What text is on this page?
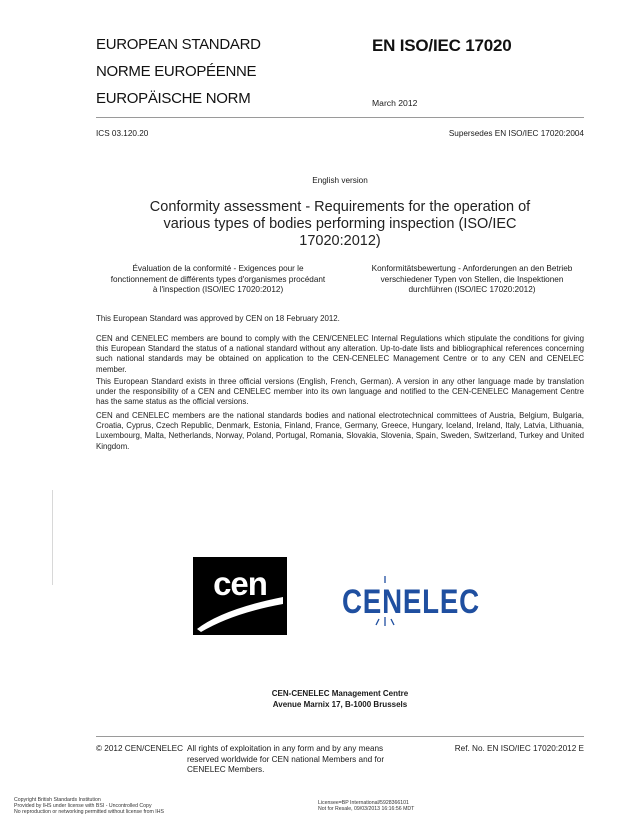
EUROPEAN STANDARD
NORME EUROPÉENNE
EUROPÄISCHE NORM
EN ISO/IEC 17020
March 2012
ICS 03.120.20	Supersedes EN ISO/IEC 17020:2004
English version
Conformity assessment - Requirements for the operation of
various types of bodies performing inspection (ISO/IEC
17020:2012)
Évaluation de la conformité - Exigences pour le
fonctionnement de différents types d'organismes procédant
à l'inspection (ISO/IEC 17020:2012)
Konformitätsbewertung - Anforderungen an den Betrieb
verschiedener Typen von Stellen, die Inspektionen
durchführen (ISO/IEC 17020:2012)
This European Standard was approved by CEN on 18 February 2012.
CEN and CENELEC members are bound to comply with the CEN/CENELEC Internal Regulations which stipulate the conditions for giving this European Standard the status of a national standard without any alteration. Up-to-date lists and bibliographical references concerning such national standards may be obtained on application to the CEN-CENELEC Management Centre or to any CEN and CENELEC member.
This European Standard exists in three official versions (English, French, German). A version in any other language made by translation under the responsibility of a CEN and CENELEC member into its own language and notified to the CEN-CENELEC Management Centre has the same status as the official versions.
CEN and CENELEC members are the national standards bodies and national electrotechnical committees of Austria, Belgium, Bulgaria, Croatia, Cyprus, Czech Republic, Denmark, Estonia, Finland, France, Germany, Greece, Hungary, Iceland, Ireland, Italy, Latvia, Lithuania, Luxembourg, Malta, Netherlands, Norway, Poland, Portugal, Romania, Slovakia, Slovenia, Spain, Sweden, Switzerland, Turkey and United Kingdom.
cen CENELEC
CEN-CENELEC Management Centre
Avenue Marnix 17, B-1000 Brussels
© 2012 CEN/CENELEC All rights of exploitation in any form and by any means reserved worldwide for CEN national Members and for CENELEC Members.
Ref. No. EN ISO/IEC 17020:2012 E
Copyright British Standards Institution
Provided by IHS under license with BSI - Uncontrolled Copy
No reproduction or networking permitted without license from IHS
Licensee=BP International/5928366101
Not for Resale, 09/03/2013 16:16:56 MDT
